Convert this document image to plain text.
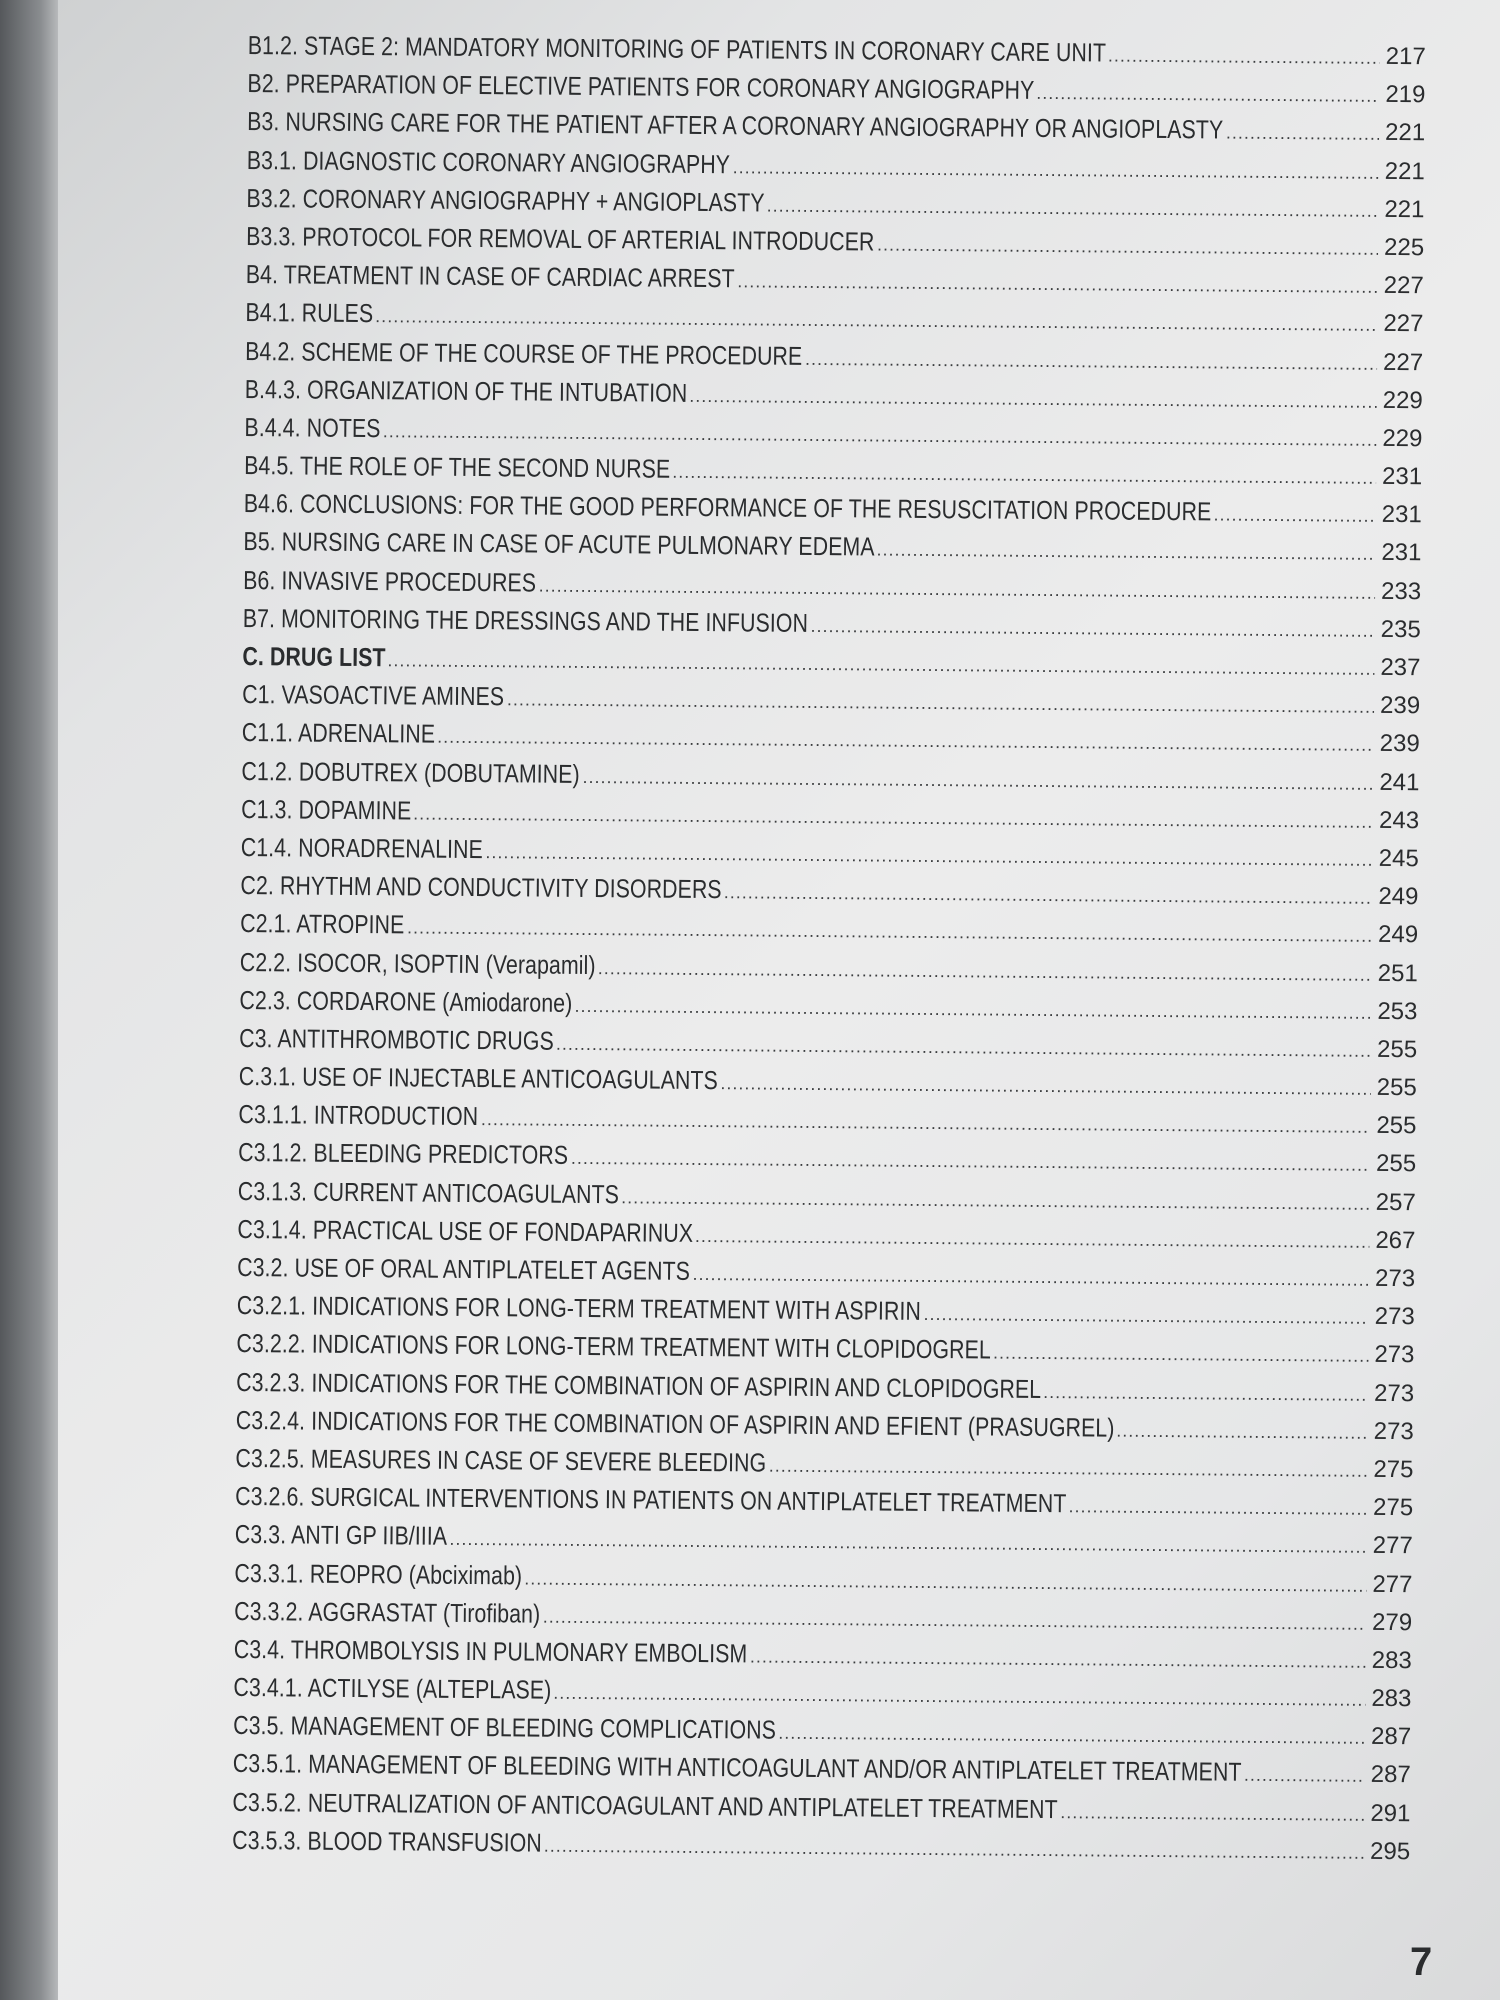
B1.2. STAGE 2: MANDATORY MONITORING OF PATIENTS IN CORONARY CARE UNIT .....	217
B2. PREPARATION OF ELECTIVE PATIENTS FOR CORONARY ANGIOGRAPHY .....	219
B3. NURSING CARE FOR THE PATIENT AFTER A CORONARY ANGIOGRAPHY OR ANGIOPLASTY .....	221
B3.1. DIAGNOSTIC CORONARY ANGIOGRAPHY .....	221
B3.2. CORONARY ANGIOGRAPHY + ANGIOPLASTY .....	221
B3.3. PROTOCOL FOR REMOVAL OF ARTERIAL INTRODUCER .....	225
B4. TREATMENT IN CASE OF CARDIAC ARREST .....	227
B4.1. RULES .....	227
B4.2. SCHEME OF THE COURSE OF THE PROCEDURE .....	227
B.4.3. ORGANIZATION OF THE INTUBATION .....	229
B.4.4. NOTES .....	229
B4.5. THE ROLE OF THE SECOND NURSE .....	231
B4.6. CONCLUSIONS: FOR THE GOOD PERFORMANCE OF THE RESUSCITATION PROCEDURE .....	231
B5. NURSING CARE IN CASE OF ACUTE PULMONARY EDEMA .....	231
B6. INVASIVE PROCEDURES .....	233
B7. MONITORING THE DRESSINGS AND THE INFUSION .....	235
C. DRUG LIST .....	237
C1. VASOACTIVE AMINES .....	239
C1.1. ADRENALINE .....	239
C1.2. DOBUTREX (DOBUTAMINE) .....	241
C1.3. DOPAMINE .....	243
C1.4. NORADRENALINE .....	245
C2. RHYTHM AND CONDUCTIVITY DISORDERS .....	249
C2.1. ATROPINE .....	249
C2.2. ISOCOR, ISOPTIN (Verapamil) .....	251
C2.3. CORDARONE (Amiodarone) .....	253
C3. ANTITHROMBOTIC DRUGS .....	255
C.3.1. USE OF INJECTABLE ANTICOAGULANTS .....	255
C3.1.1. INTRODUCTION .....	255
C3.1.2. BLEEDING PREDICTORS .....	255
C3.1.3. CURRENT ANTICOAGULANTS .....	257
C3.1.4. PRACTICAL USE OF FONDAPARINUX .....	267
C3.2. USE OF ORAL ANTIPLATELET AGENTS .....	273
C3.2.1. INDICATIONS FOR LONG-TERM TREATMENT WITH ASPIRIN .....	273
C3.2.2. INDICATIONS FOR LONG-TERM TREATMENT WITH CLOPIDOGREL .....	273
C3.2.3. INDICATIONS FOR THE COMBINATION OF ASPIRIN AND CLOPIDOGREL .....	273
C3.2.4. INDICATIONS FOR THE COMBINATION OF ASPIRIN AND EFIENT (PRASUGREL) .....	273
C3.2.5. MEASURES IN CASE OF SEVERE BLEEDING .....	275
C3.2.6. SURGICAL INTERVENTIONS IN PATIENTS ON ANTIPLATELET TREATMENT .....	275
C3.3. ANTI GP IIB/IIIA .....	277
C3.3.1. REOPRO (Abciximab) .....	277
C3.3.2. AGGRASTAT (Tirofiban) .....	279
C3.4. THROMBOLYSIS IN PULMONARY EMBOLISM .....	283
C3.4.1. ACTILYSE (ALTEPLASE) .....	283
C3.5. MANAGEMENT OF BLEEDING COMPLICATIONS .....	287
C3.5.1. MANAGEMENT OF BLEEDING WITH ANTICOAGULANT AND/OR ANTIPLATELET TREATMENT .....	287
C3.5.2. NEUTRALIZATION OF ANTICOAGULANT AND ANTIPLATELET TREATMENT .....	291
C3.5.3. BLOOD TRANSFUSION .....	295
7
